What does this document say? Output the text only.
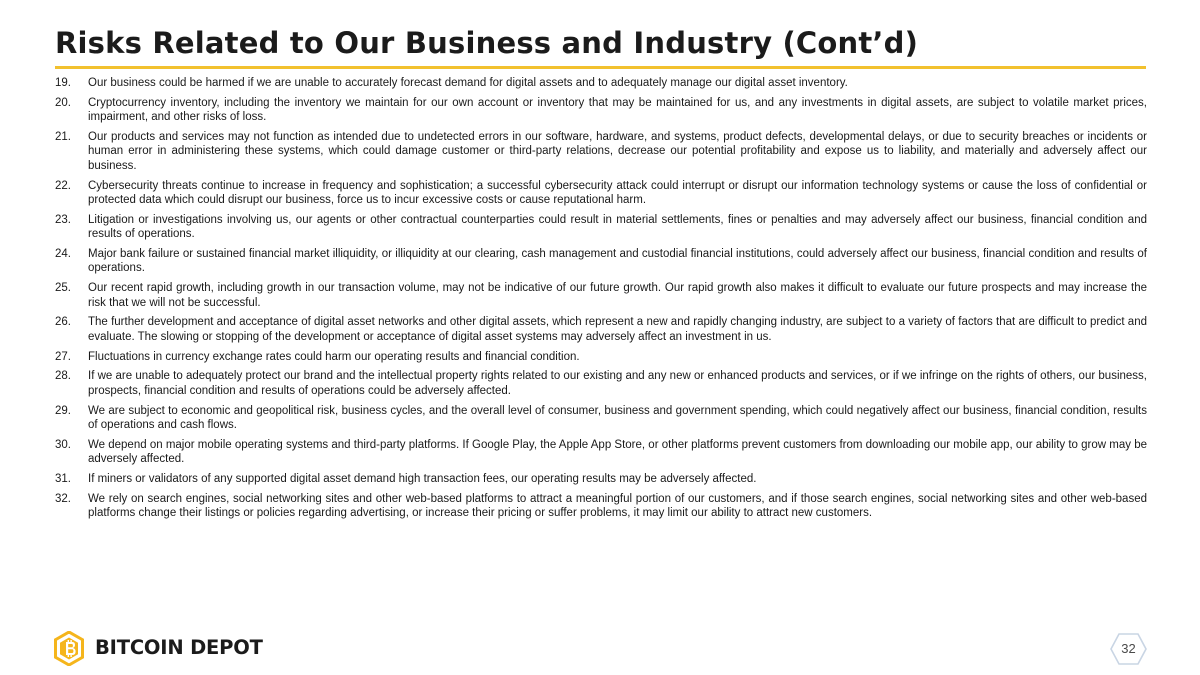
Risks Related to Our Business and Industry (Cont’d)
19.	Our business could be harmed if we are unable to accurately forecast demand for digital assets and to adequately manage our digital asset inventory.
20.	Cryptocurrency inventory, including the inventory we maintain for our own account or inventory that may be maintained for us, and any investments in digital assets, are subject to volatile market prices, impairment, and other risks of loss.
21.	Our products and services may not function as intended due to undetected errors in our software, hardware, and systems, product defects, developmental delays, or due to security breaches or incidents or human error in administering these systems, which could damage customer or third-party relations, decrease our potential profitability and expose us to liability, and materially and adversely affect our business.
22.	Cybersecurity threats continue to increase in frequency and sophistication; a successful cybersecurity attack could interrupt or disrupt our information technology systems or cause the loss of confidential or protected data which could disrupt our business, force us to incur excessive costs or cause reputational harm.
23.	Litigation or investigations involving us, our agents or other contractual counterparties could result in material settlements, fines or penalties and may adversely affect our business, financial condition and results of operations.
24.	Major bank failure or sustained financial market illiquidity, or illiquidity at our clearing, cash management and custodial financial institutions, could adversely affect our business, financial condition and results of operations.
25.	Our recent rapid growth, including growth in our transaction volume, may not be indicative of our future growth. Our rapid growth also makes it difficult to evaluate our future prospects and may increase the risk that we will not be successful.
26.	The further development and acceptance of digital asset networks and other digital assets, which represent a new and rapidly changing industry, are subject to a variety of factors that are difficult to predict and evaluate. The slowing or stopping of the development or acceptance of digital asset systems may adversely affect an investment in us.
27.	Fluctuations in currency exchange rates could harm our operating results and financial condition.
28.	If we are unable to adequately protect our brand and the intellectual property rights related to our existing and any new or enhanced products and services, or if we infringe on the rights of others, our business, prospects, financial condition and results of operations could be adversely affected.
29.	We are subject to economic and geopolitical risk, business cycles, and the overall level of consumer, business and government spending, which could negatively affect our business, financial condition, results of operations and cash flows.
30.	We depend on major mobile operating systems and third-party platforms. If Google Play, the Apple App Store, or other platforms prevent customers from downloading our mobile app, our ability to grow may be adversely affected.
31.	If miners or validators of any supported digital asset demand high transaction fees, our operating results may be adversely affected.
32.	We rely on search engines, social networking sites and other web-based platforms to attract a meaningful portion of our customers, and if those search engines, social networking sites and other web-based platforms change their listings or policies regarding advertising, or increase their pricing or suffer problems, it may limit our ability to attract new customers.
BITCOIN DEPOT	32
